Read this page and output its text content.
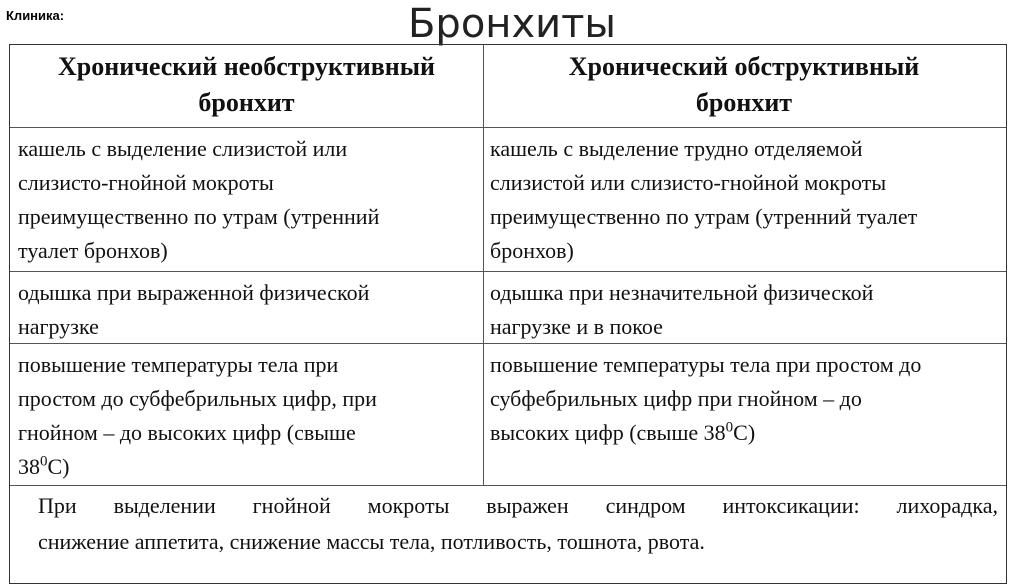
Клиника:	Бронхиты
Хронический необструктивный
бронхит
Хронический обструктивный
бронхит
кашель с выделение слизистой или
слизисто-гнойной мокроты
преимущественно по утрам (утренний
туалет бронхов)
кашель с выделение трудно отделяемой
слизистой или слизисто-гнойной мокроты
преимущественно по утрам (утренний туалет
бронхов)
одышка при выраженной физической
нагрузке
одышка при незначительной физической
нагрузке и в покое
повышение температуры тела при
простом до субфебрильных цифр, при
гнойном – до высоких цифр (свыше
$38^0С$)
повышение температуры тела при простом до
субфебрильных цифр при гнойном – до
высоких цифр (свыше $38^0С$)
При выделении гнойной мокроты выражен синдром интоксикации: лихорадка,
снижение аппетита, снижение массы тела, потливость, тошнота, рвота.
